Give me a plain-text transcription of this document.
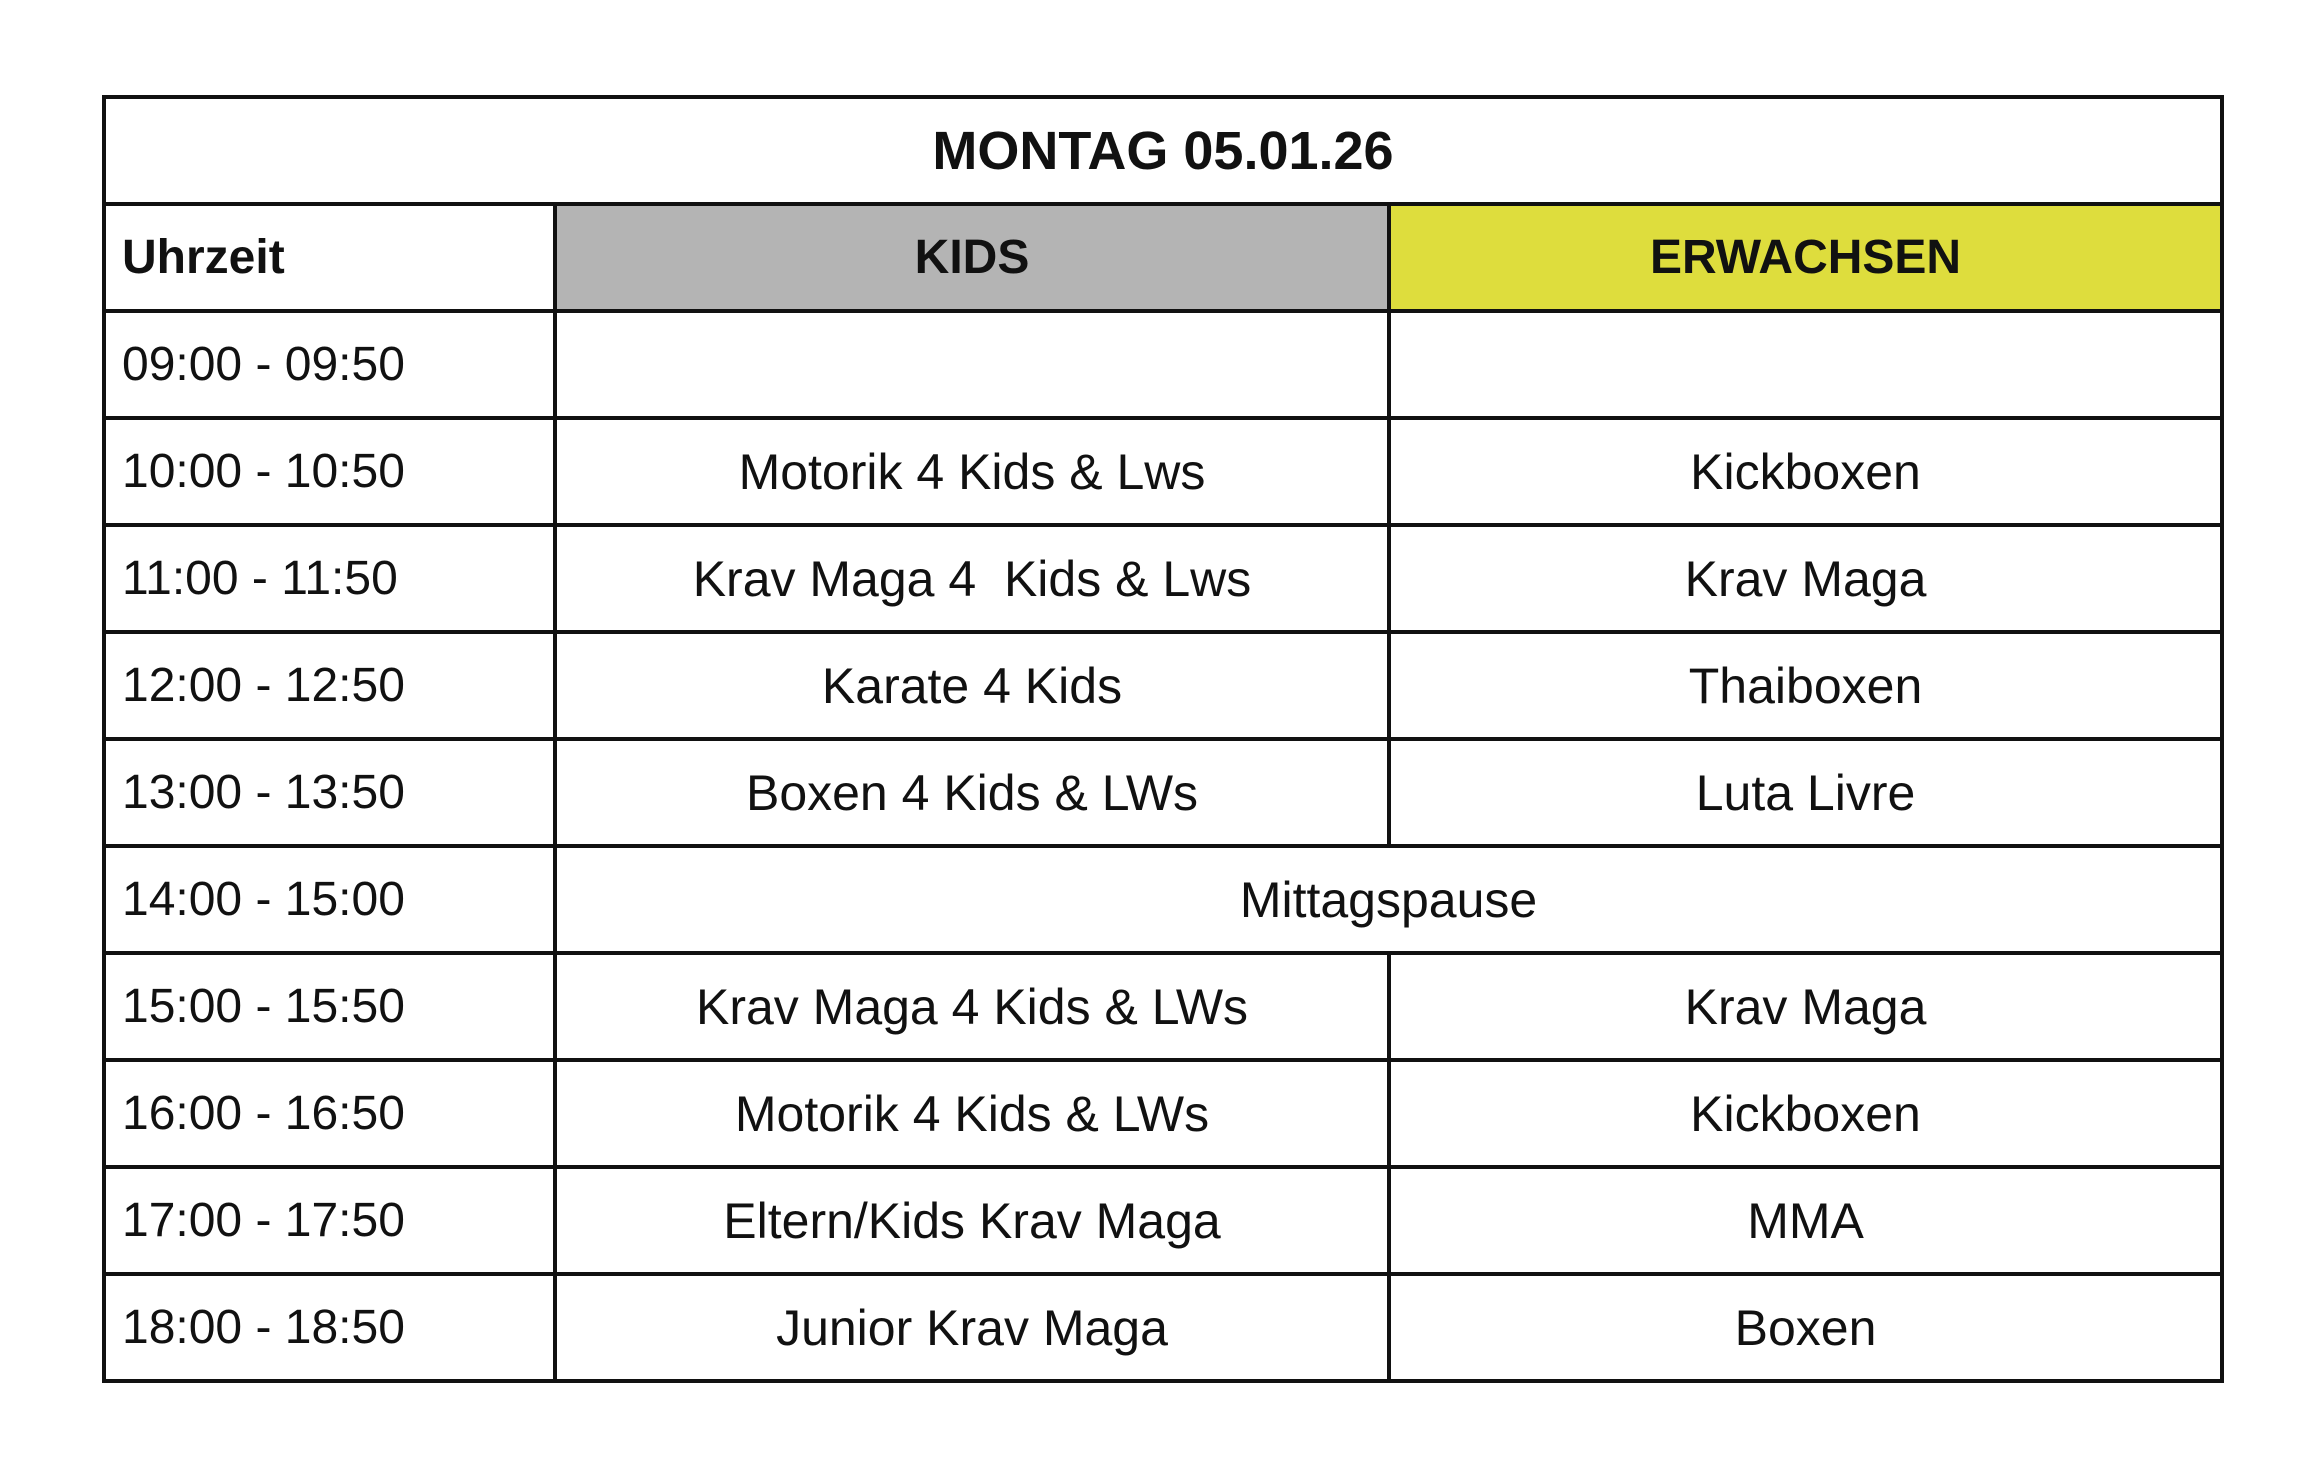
MONTAG 05.01.26		
Uhrzeit	KIDS	ERWACHSEN
09:00 - 09:50		
10:00 - 10:50	Motorik 4 Kids & Lws	Kickboxen
11:00 - 11:50	Krav Maga 4  Kids & Lws	Krav Maga
12:00 - 12:50	Karate 4 Kids	Thaiboxen
13:00 - 13:50	Boxen 4 Kids & LWs	Luta Livre
14:00 - 15:00	Mittagspause	
15:00 - 15:50	Krav Maga 4 Kids & LWs	Krav Maga
16:00 - 16:50	Motorik 4 Kids & LWs	Kickboxen
17:00 - 17:50	Eltern/Kids Krav Maga	MMA
18:00 - 18:50	Junior Krav Maga	Boxen
